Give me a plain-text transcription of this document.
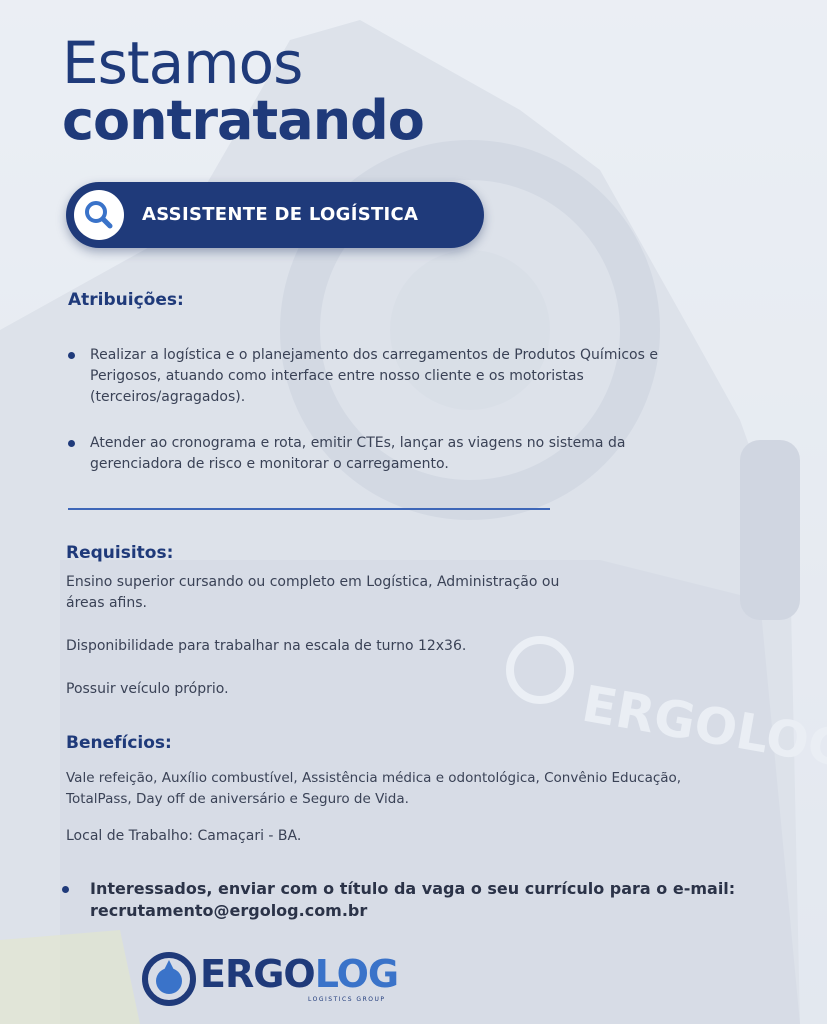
Estamos
contratando
ASSISTENTE DE LOGÍSTICA
Atribuições:
Realizar a logística e o planejamento dos carregamentos de Produtos Químicos e
Perigosos, atuando como interface entre nosso cliente e os motoristas
(terceiros/agragados).
Atender ao cronograma e rota, emitir CTEs, lançar as viagens no sistema da
gerenciadora de risco e monitorar o carregamento.
Requisitos:
Ensino superior cursando ou completo em Logística, Administração ou
áreas afins.
Disponibilidade para trabalhar na escala de turno 12x36.
Possuir veículo próprio.
Benefícios:
Vale refeição, Auxílio combustível, Assistência médica e odontológica, Convênio Educação,
TotalPass, Day off de aniversário e Seguro de Vida.
Local de Trabalho: Camaçari - BA.
Interessados, enviar com o título da vaga o seu currículo para o e-mail:
recrutamento@ergolog.com.br
ERGOLOG
LOGISTICS GROUP
